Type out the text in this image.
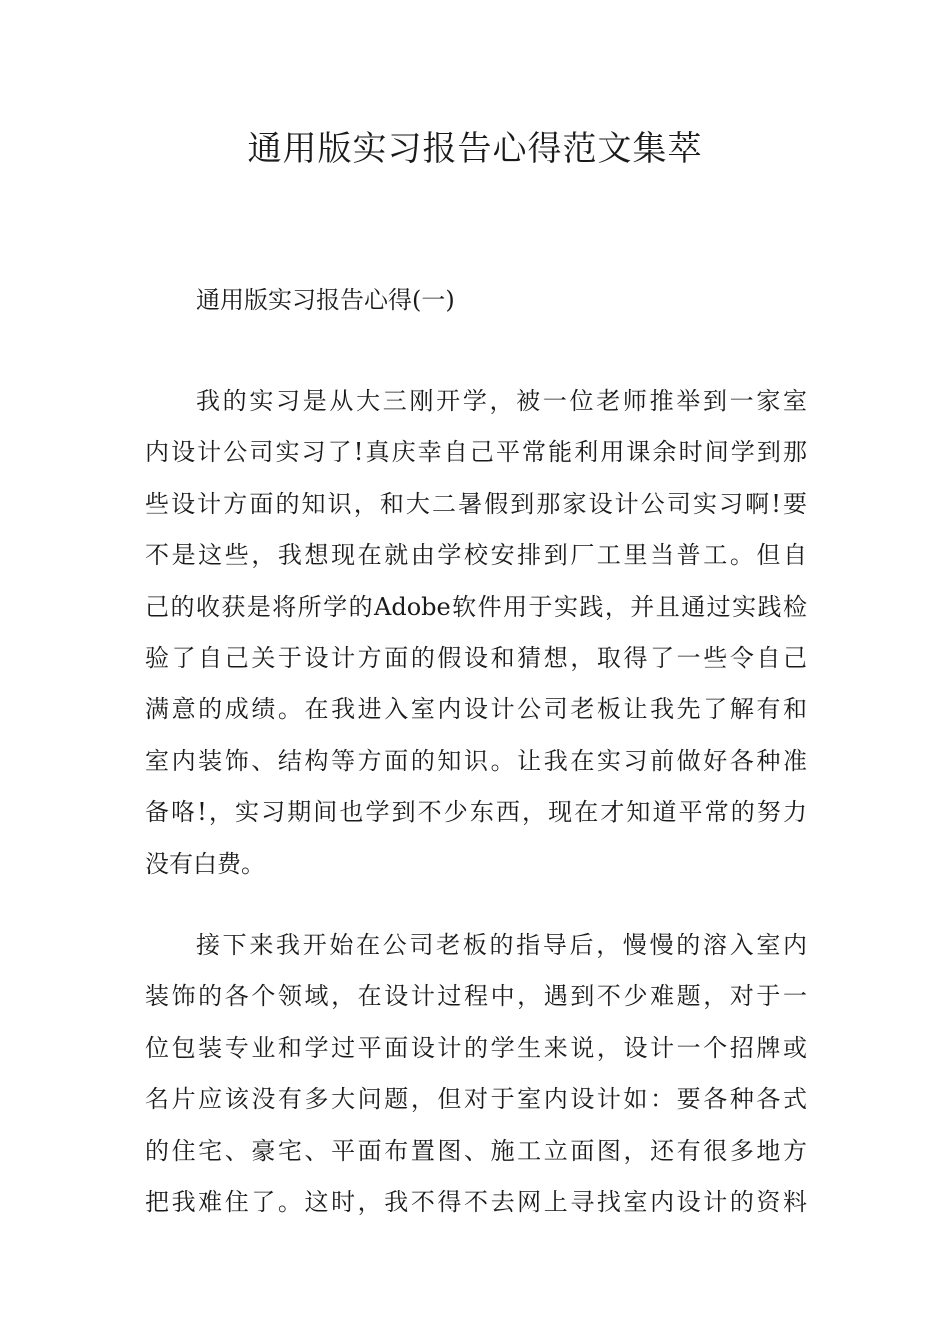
通用版实习报告心得范文集萃
通用版实习报告心得(一)
我的实习是从大三刚开学，被一位老师推举到一家室
内设计公司实习了!真庆幸自己平常能利用课余时间学到那
些设计方面的知识，和大二暑假到那家设计公司实习啊!要
不是这些，我想现在就由学校安排到厂工里当普工。但自
己的收获是将所学的Adobe软件用于实践，并且通过实践检
验了自己关于设计方面的假设和猜想，取得了一些令自己
满意的成绩。在我进入室内设计公司老板让我先了解有和
室内装饰、结构等方面的知识。让我在实习前做好各种准
备咯!，实习期间也学到不少东西，现在才知道平常的努力
没有白费。
接下来我开始在公司老板的指导后，慢慢的溶入室内
装饰的各个领域，在设计过程中，遇到不少难题，对于一
位包装专业和学过平面设计的学生来说，设计一个招牌或
名片应该没有多大问题，但对于室内设计如：要各种各式
的住宅、豪宅、平面布置图、施工立面图，还有很多地方
把我难住了。这时，我不得不去网上寻找室内设计的资料
